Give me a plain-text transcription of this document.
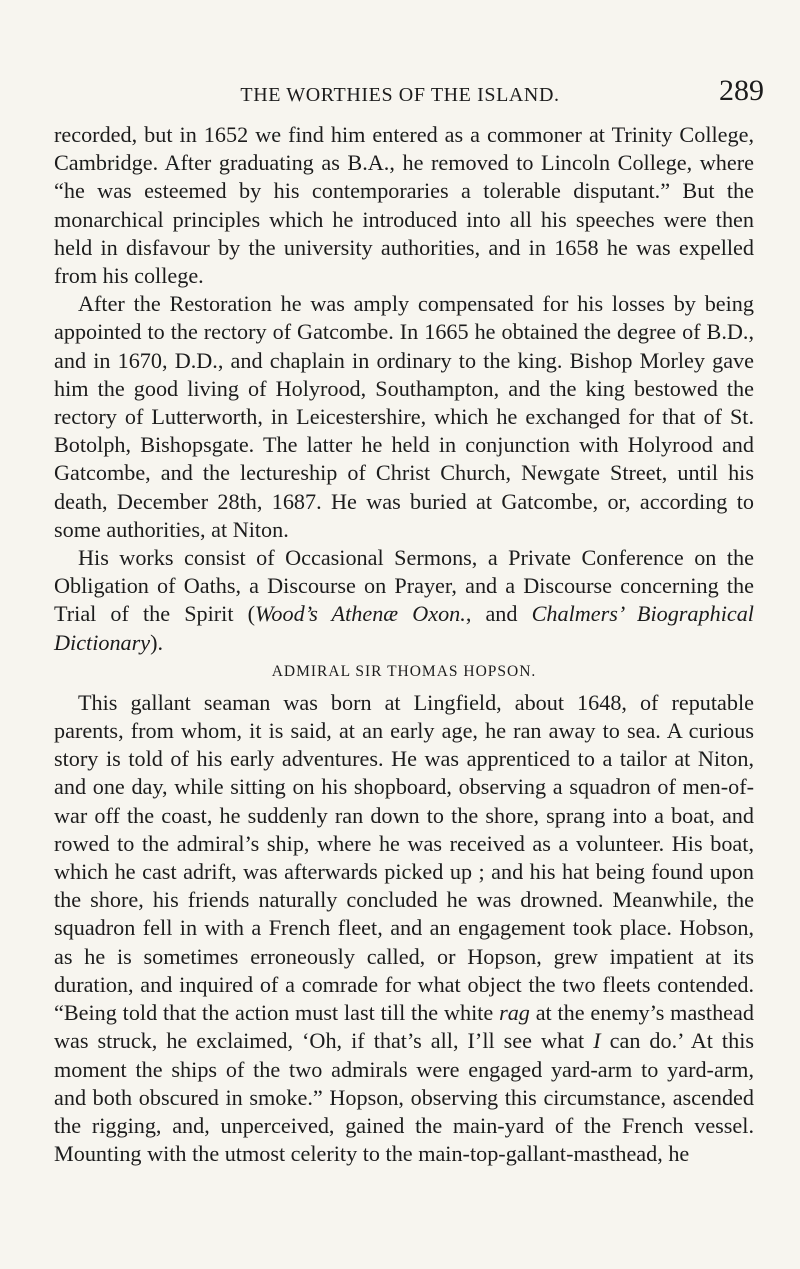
THE WORTHIES OF THE ISLAND.	289

recorded, but in 1652 we find him entered as a commoner at Trinity College, Cambridge. After graduating as B.A., he removed to Lincoln College, where “he was esteemed by his contemporaries a tolerable disputant.” But the monarchical principles which he introduced into all his speeches were then held in disfavour by the university authorities, and in 1658 he was expelled from his college.

After the Restoration he was amply compensated for his losses by being appointed to the rectory of Gatcombe. In 1665 he obtained the degree of B.D., and in 1670, D.D., and chaplain in ordinary to the king. Bishop Morley gave him the good living of Holyrood, Southampton, and the king bestowed the rectory of Lutterworth, in Leicestershire, which he exchanged for that of St. Botolph, Bishopsgate. The latter he held in conjunction with Holyrood and Gatcombe, and the lectureship of Christ Church, Newgate Street, until his death, December 28th, 1687. He was buried at Gatcombe, or, according to some authorities, at Niton.

His works consist of Occasional Sermons, a Private Conference on the Obligation of Oaths, a Discourse on Prayer, and a Discourse concerning the Trial of the Spirit (Wood’s Athenæ Oxon., and Chalmers’ Biographical Dictionary).

ADMIRAL SIR THOMAS HOPSON.

This gallant seaman was born at Lingfield, about 1648, of reputable parents, from whom, it is said, at an early age, he ran away to sea. A curious story is told of his early adventures. He was apprenticed to a tailor at Niton, and one day, while sitting on his shopboard, observing a squadron of men-of-war off the coast, he suddenly ran down to the shore, sprang into a boat, and rowed to the admiral’s ship, where he was received as a volunteer. His boat, which he cast adrift, was afterwards picked up ; and his hat being found upon the shore, his friends naturally concluded he was drowned. Meanwhile, the squadron fell in with a French fleet, and an engagement took place. Hobson, as he is sometimes erroneously called, or Hopson, grew impatient at its duration, and inquired of a comrade for what object the two fleets contended. “Being told that the action must last till the white rag at the enemy’s masthead was struck, he exclaimed, ‘Oh, if that’s all, I’ll see what I can do.’ At this moment the ships of the two admirals were engaged yard-arm to yard-arm, and both obscured in smoke.” Hopson, observing this circumstance, ascended the rigging, and, unperceived, gained the main-yard of the French vessel. Mounting with the utmost celerity to the main-top-gallant-masthead, he
